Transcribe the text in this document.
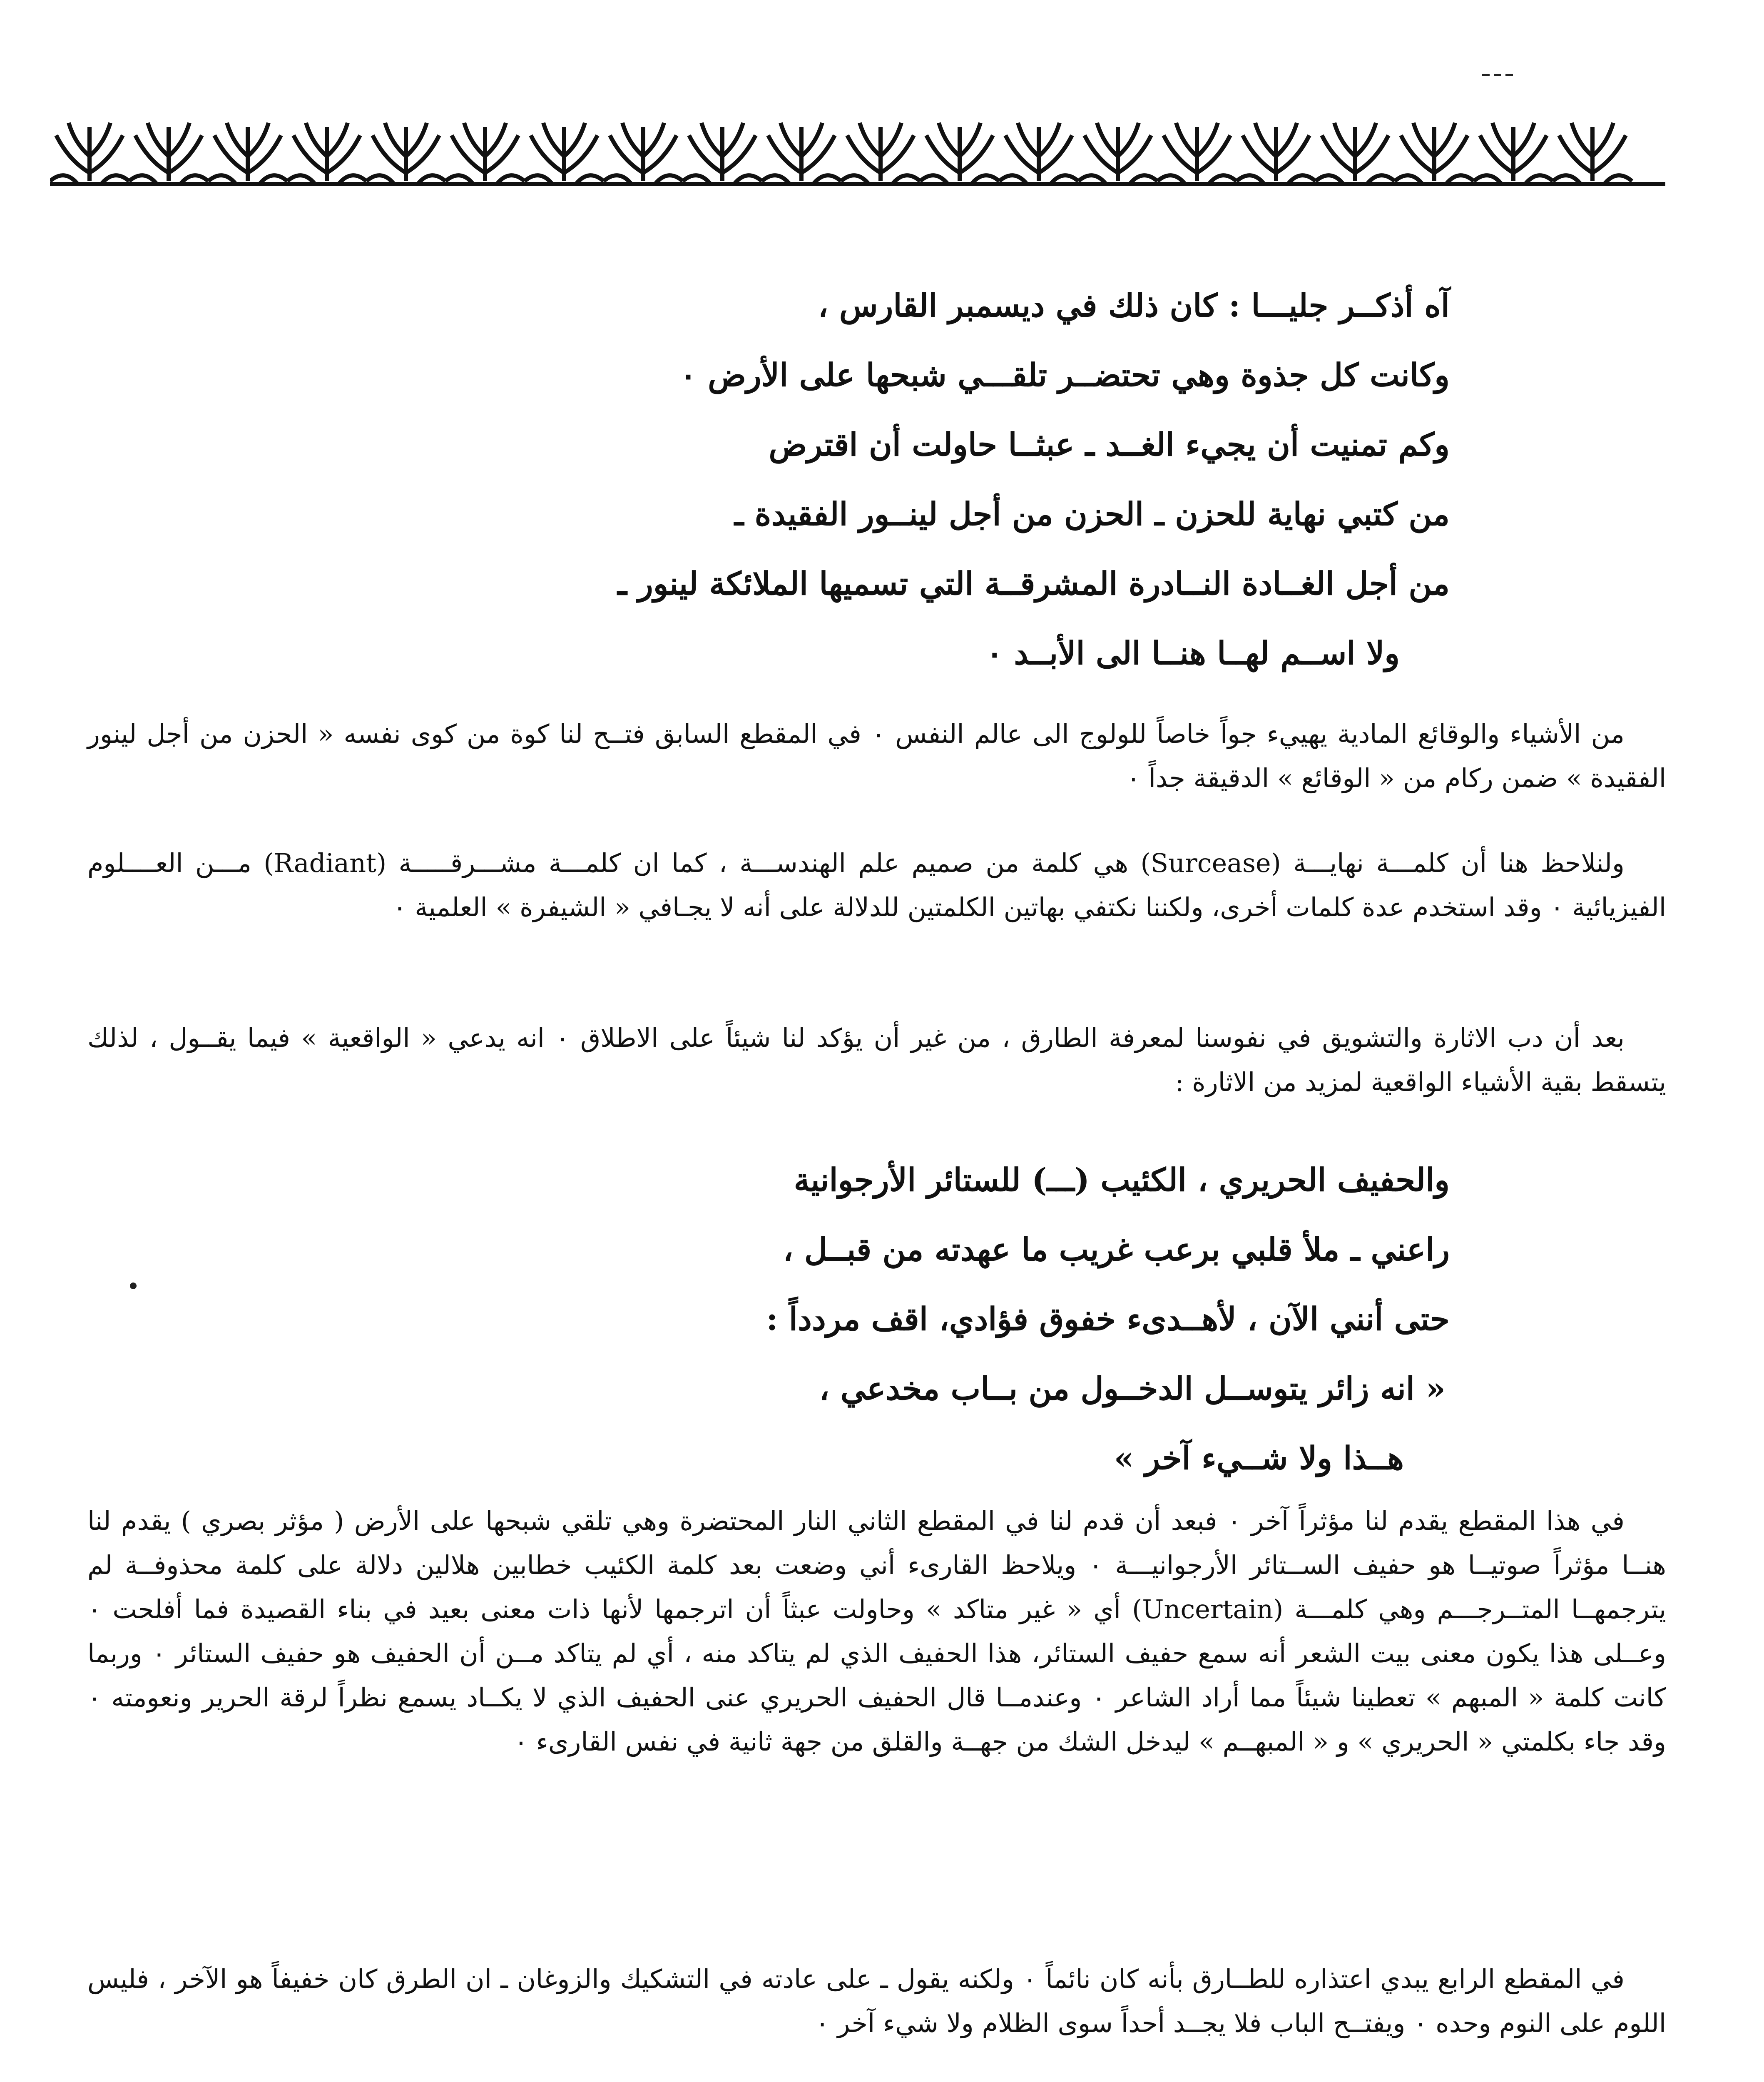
آه أذكــر جليـــا : كان ذلك في ديسمبر القارس ،
وكانت كل جذوة وهي تحتضــر تلقـــي شبحها على الأرض ٠
وكم تمنيت أن يجيء الغــد ـ عبثــا حاولت أن اقترض
من كتبي نهاية للحزن ـ الحزن من أجل لينــور الفقيدة ـ
من أجل الغــادة النــادرة المشرقــة التي تسميها الملائكة لينور ـ
ولا اســم لهــا هنــا الى الأبــد ٠

من الأشياء والوقائع المادية يهييء جواً خاصاً للولوج الى عالم النفس ٠ في المقطع السابق فتــح لنا كوة من كوى نفسه « الحزن من أجل لينور الفقيدة » ضمن ركام من « الوقائع » الدقيقة جداً ٠

ولنلاحظ هنا أن كلمـــة نهايـــة (Surcease) هي كلمة من صميم علم الهندســـة ، كما ان كلمـــة مشـــرقـــــة (Radiant) مـــن العــــلوم الفيزيائية ٠ وقد استخدم عدة كلمات أخرى، ولكننا نكتفي بهاتين الكلمتين للدلالة على أنه لا يجـافي « الشيفرة » العلمية ٠

بعد أن دب الاثارة والتشويق في نفوسنا لمعرفة الطارق ، من غير أن يؤكد لنا شيئاً على الاطلاق ٠ انه يدعي « الواقعية » فيما يقــول ، لذلك يتسقط بقية الأشياء الواقعية لمزيد من الاثارة :

والحفيف الحريري ، الكئيب (ـــ) للستائر الأرجوانية
راعني ـ ملأ قلبي برعب غريب ما عهدته من قبــل ،
حتى أنني الآن ، لأهــدىء خفوق فؤادي، اقف مردداً :
« انه زائر يتوســل الدخــول من بــاب مخدعي ،
هــذا ولا شــيء آخر »

في هذا المقطع يقدم لنا مؤثراً آخر ٠ فبعد أن قدم لنا في المقطع الثاني النار المحتضرة وهي تلقي شبحها على الأرض ( مؤثر بصري ) يقدم لنا هنــا مؤثراً صوتيــا هو حفيف الســتائر الأرجوانيـــة ٠ ويلاحظ القارىء أني وضعت بعد كلمة الكئيب خطابين هلالين دلالة على كلمة محذوفــة لم يترجمهــا المتــرجـــم وهي كلمـــة (Uncertain) أي « غير متاكد » وحاولت عبثاً أن اترجمها لأنها ذات معنى بعيد في بناء القصيدة فما أفلحت ٠ وعــلى هذا يكون معنى بيت الشعر أنه سمع حفيف الستائر، هذا الحفيف الذي لم يتاكد منه ، أي لم يتاكد مــن أن الحفيف هو حفيف الستائر ٠ وربما كانت كلمة « المبهم » تعطينا شيئاً مما أراد الشاعر ٠ وعندمــا قال الحفيف الحريري عنى الحفيف الذي لا يكــاد يسمع نظراً لرقة الحرير ونعومته ٠ وقد جاء بكلمتي « الحريري » و « المبهــم » ليدخل الشك من جهــة والقلق من جهة ثانية في نفس القارىء ٠

في المقطع الرابع يبدي اعتذاره للطــارق بأنه كان نائماً ٠ ولكنه يقول ـ على عادته في التشكيك والزوغان ـ ان الطرق كان خفيفاً هو الآخر ، فليس اللوم على النوم وحده ٠ ويفتــح الباب فلا يجــد أحداً سوى الظلام ولا شيء آخر ٠
